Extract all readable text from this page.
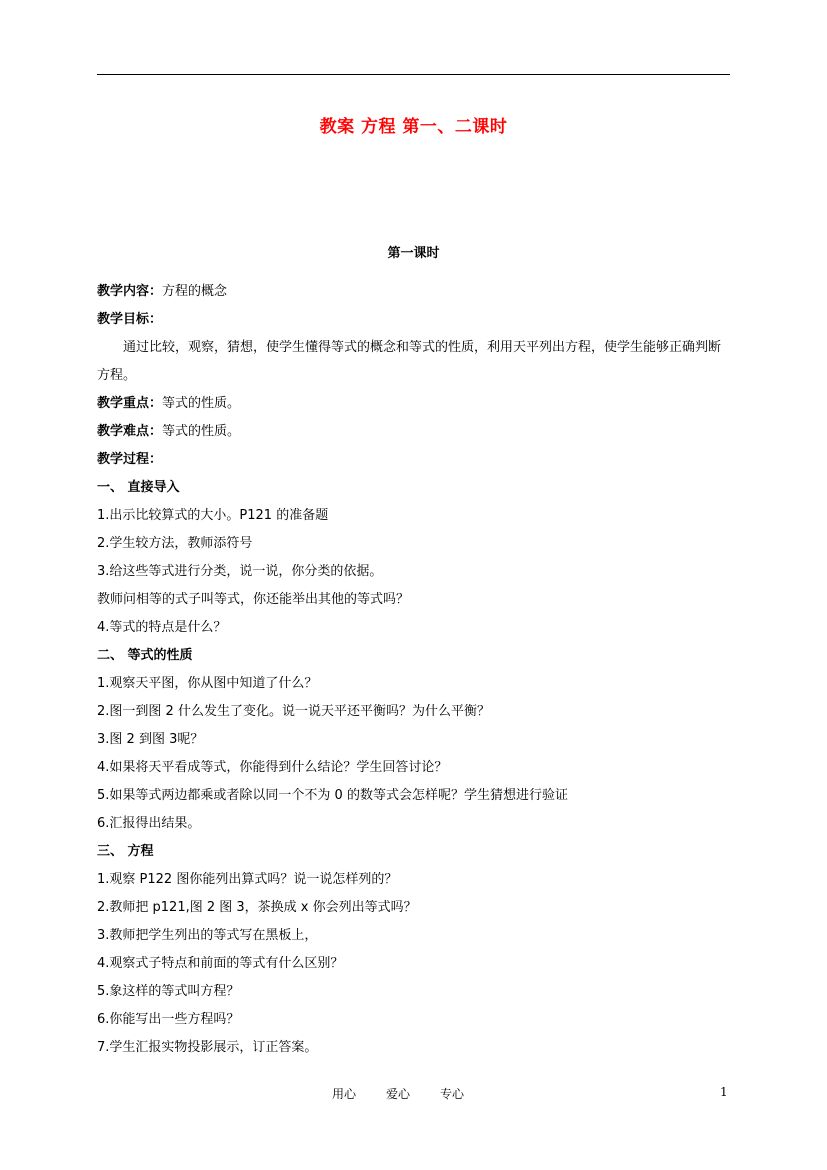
教案 方程 第一、二课时
第一课时
教学内容：方程的概念
教学目标：
通过比较，观察，猜想，使学生懂得等式的概念和等式的性质，利用天平列出方程，使学生能够正确判断方程。
教学重点：等式的性质。
教学难点：等式的性质。
教学过程：
一、 直接导入
1.出示比较算式的大小。P121 的准备题
2.学生较方法，教师添符号
3.给这些等式进行分类，说一说，你分类的依据。
教师问相等的式子叫等式，你还能举出其他的等式吗？
4.等式的特点是什么？
二、 等式的性质
1.观察天平图，你从图中知道了什么？
2.图一到图 2 什么发生了变化。说一说天平还平衡吗？为什么平衡？
3.图 2 到图 3呢？
4.如果将天平看成等式，你能得到什么结论？学生回答讨论？
5.如果等式两边都乘或者除以同一个不为 0 的数等式会怎样呢？学生猜想进行验证
6.汇报得出结果。
三、 方程
1.观察 P122 图你能列出算式吗？说一说怎样列的？
2.教师把 p121,图 2 图 3，茶换成 x 你会列出等式吗？
3.教师把学生列出的等式写在黑板上，
4.观察式子特点和前面的等式有什么区别？
5.象这样的等式叫方程？
6.你能写出一些方程吗？
7.学生汇报实物投影展示，订正答案。
用心	爱心	专心	1
